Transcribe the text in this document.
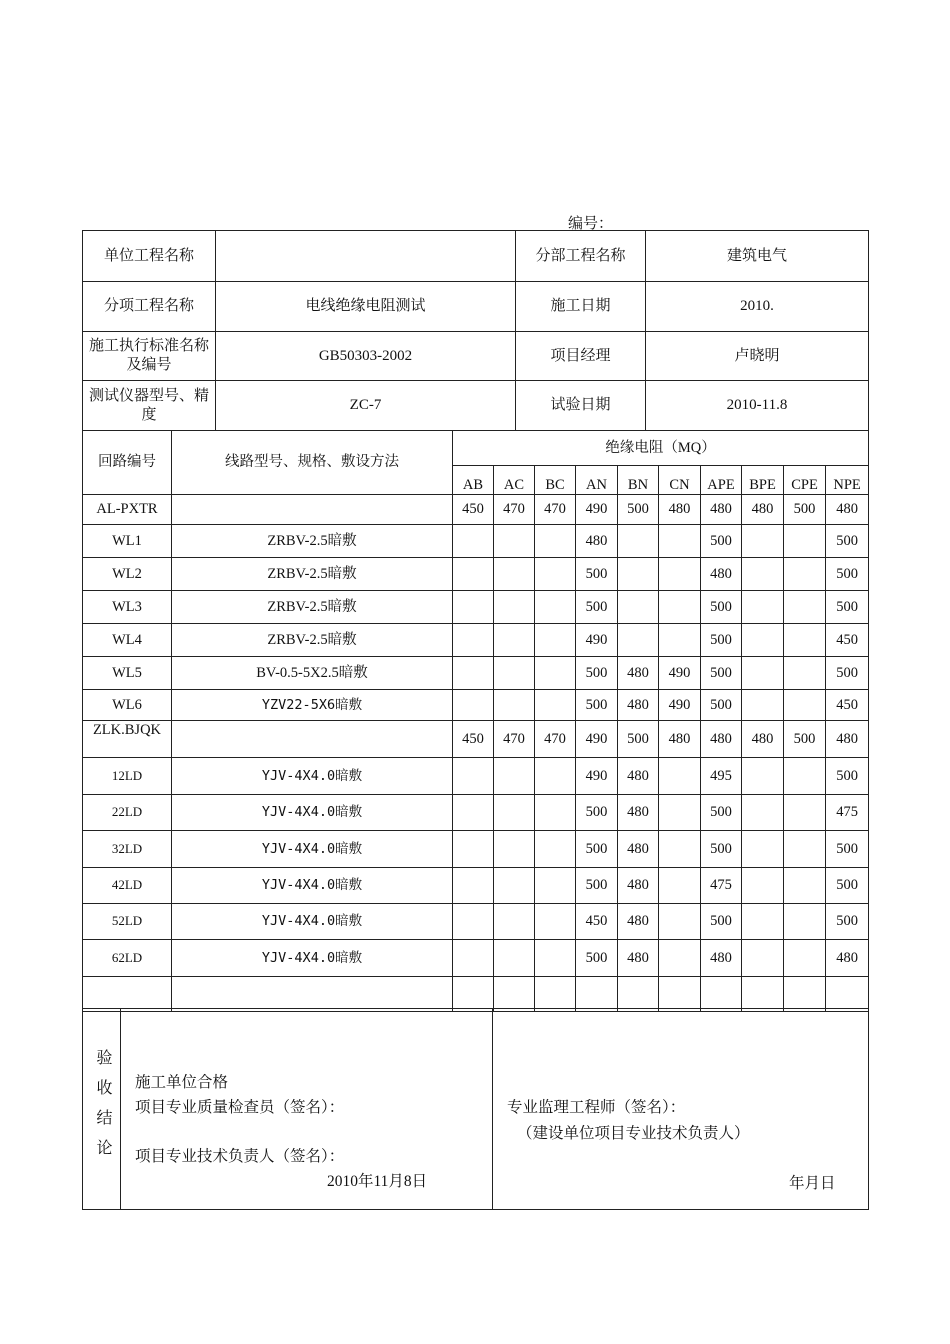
编号：
单位工程名称		分部工程名称	建筑电气
分项工程名称	电线绝缘电阻测试	施工日期	2010.
施工执行标准名称及编号	GB50303-2002	项目经理	卢晓明
测试仪器型号、精度	ZC-7	试验日期	2010-11.8
回路编号	线路型号、规格、敷设方法	绝缘电阻（MQ）									
		AB	AC	BC	AN	BN	CN	APE	BPE	CPE	NPE
AL-PXTR		450	470	470	490	500	480	480	480	500	480
WL1	ZRBV-2.5暗敷				480			500			500
WL2	ZRBV-2.5暗敷				500			480			500
WL3	ZRBV-2.5暗敷				500			500			500
WL4	ZRBV-2.5暗敷				490			500			450
WL5	BV-0.5-5X2.5暗敷				500	480	490	500			500
WL6	YZV22-5X6暗敷				500	480	490	500			450
ZLK.BJQK		450	470	470	490	500	480	480	480	500	480
12LD	YJV-4X4.0暗敷				490	480		495			500
22LD	YJV-4X4.0暗敷				500	480		500			475
32LD	YJV-4X4.0暗敷				500	480		500			500
42LD	YJV-4X4.0暗敷				500	480		475			500
52LD	YJV-4X4.0暗敷				450	480		500			500
62LD	YJV-4X4.0暗敷				500	480		480			480

验收结论	施工单位合格
项目专业质量检查员（签名）：
项目专业技术负责人（签名）：
2010年11月8日

专业监理工程师（签名）：
（建设单位项目专业技术负责人）
年月日
